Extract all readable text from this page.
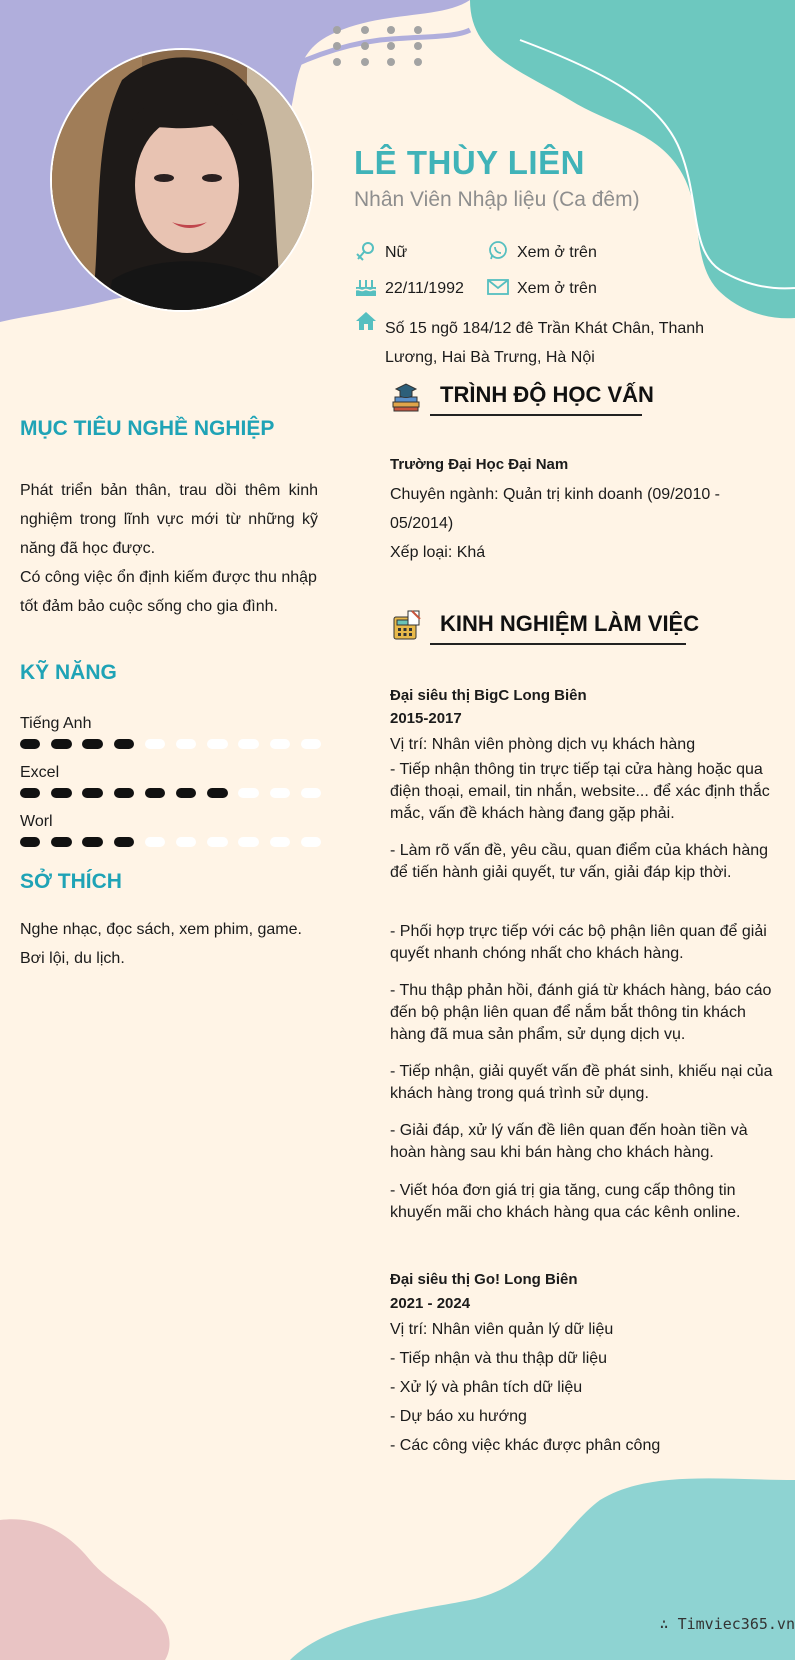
LÊ THÙY LIÊN
Nhân Viên Nhập liệu (Ca đêm)
Nữ	Xem ở trên
22/11/1992	Xem ở trên
Số 15 ngõ 184/12 đê Trần Khát Chân, Thanh Lương, Hai Bà Trưng, Hà Nội
MỤC TIÊU NGHỀ NGHIỆP
Phát triển bản thân, trau dồi thêm kinh nghiệm trong lĩnh vực mới từ những kỹ năng đã học được.
Có công việc ổn định kiếm được thu nhập tốt đảm bảo cuộc sống cho gia đình.
KỸ NĂNG
Tiếng Anh
Excel
Worl
SỞ THÍCH
Nghe nhạc, đọc sách, xem phim, game.
Bơi lội, du lịch.
TRÌNH ĐỘ HỌC VẤN
Trường Đại Học Đại Nam
Chuyên ngành: Quản trị kinh doanh (09/2010 - 05/2014)
Xếp loại: Khá
KINH NGHIỆM LÀM VIỆC
Đại siêu thị BigC Long Biên
2015-2017
Vị trí: Nhân viên phòng dịch vụ khách hàng
- Tiếp nhận thông tin trực tiếp tại cửa hàng hoặc qua điện thoại, email, tin nhắn, website... để xác định thắc mắc, vấn đề khách hàng đang gặp phải.
- Làm rõ vấn đề, yêu cầu, quan điểm của khách hàng để tiến hành giải quyết, tư vấn, giải đáp kịp thời.
- Phối hợp trực tiếp với các bộ phận liên quan để giải quyết nhanh chóng nhất cho khách hàng.
- Thu thập phản hồi, đánh giá từ khách hàng, báo cáo đến bộ phận liên quan để nắm bắt thông tin khách hàng đã mua sản phẩm, sử dụng dịch vụ.
- Tiếp nhận, giải quyết vấn đề phát sinh, khiếu nại của khách hàng trong quá trình sử dụng.
- Giải đáp, xử lý vấn đề liên quan đến hoàn tiền và hoàn hàng sau khi bán hàng cho khách hàng.
- Viết hóa đơn giá trị gia tăng, cung cấp thông tin khuyến mãi cho khách hàng qua các kênh online.
Đại siêu thị Go! Long Biên
2021 - 2024
Vị trí: Nhân viên quản lý dữ liệu
- Tiếp nhận và thu thập dữ liệu
- Xử lý và phân tích dữ liệu
- Dự báo xu hướng
- Các công việc khác được phân công
∴ Timviec365.vn
